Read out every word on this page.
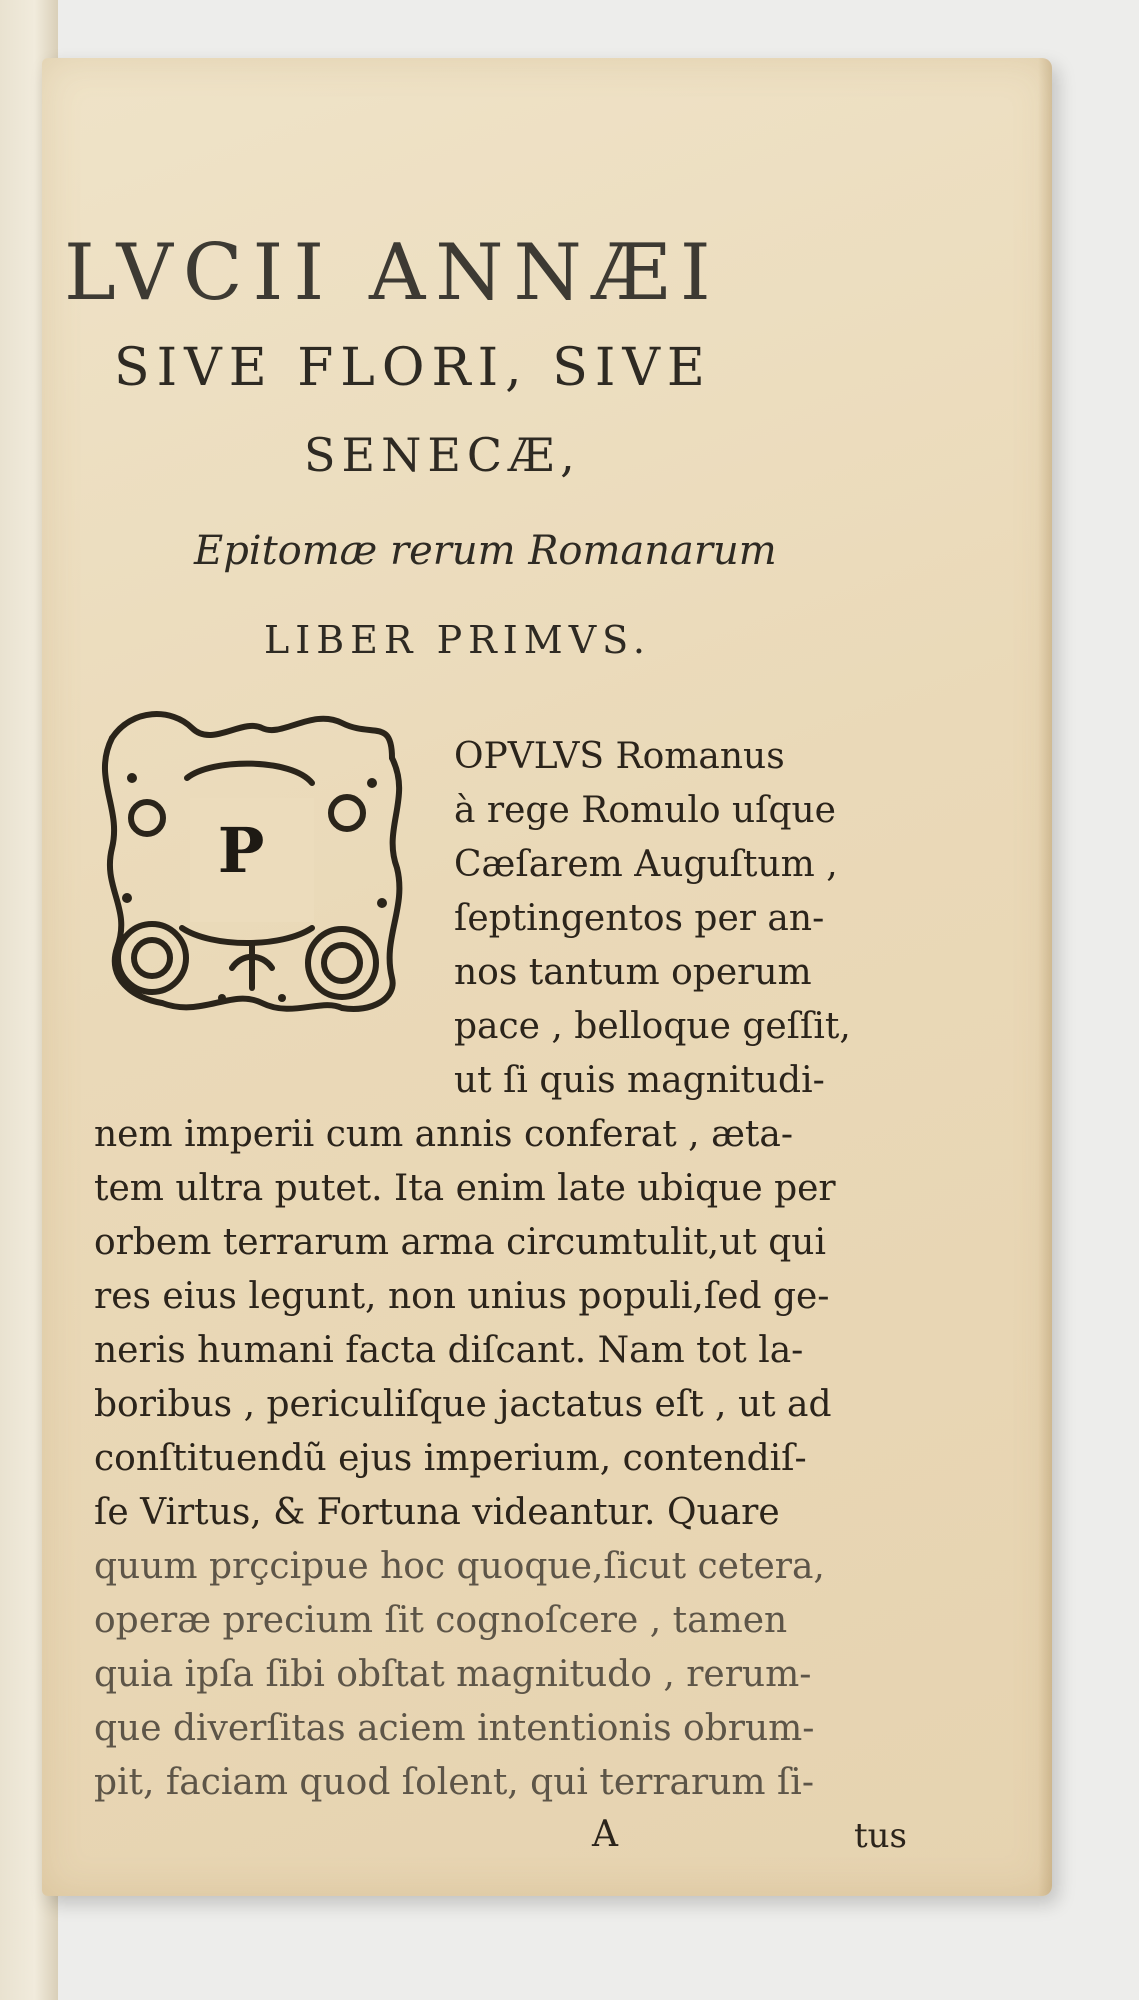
LVCII ANNÆI
SIVE FLORI, SIVE
SENECÆ,
Epitomæ rerum Romanarum
LIBER PRIMVS.
P
OPVLVS Romanus
à rege Romulo uſque
Cæſarem Auguſtum ,
ſeptingentos per an-
nos tantum operum
pace , belloque geſſit,
ut ſi quis magnitudi-
nem imperii cum annis conferat , æta-
tem ultra putet. Ita enim late ubique per
orbem terrarum arma circumtulit,ut qui
res eius legunt, non unius populi,ſed ge-
neris humani facta diſcant. Nam tot la-
boribus , periculiſque jactatus eſt , ut ad
conſtituendũ ejus imperium, contendiſ-
ſe Virtus, & Fortuna videantur. Quare
quum prçcipue hoc quoque,ſicut cetera,
operæ precium ſit cognoſcere , tamen
quia ipſa ſibi obſtat magnitudo , rerum-
que diverſitas aciem intentionis obrum-
pit, faciam quod ſolent, qui terrarum ſi-
A	tus
